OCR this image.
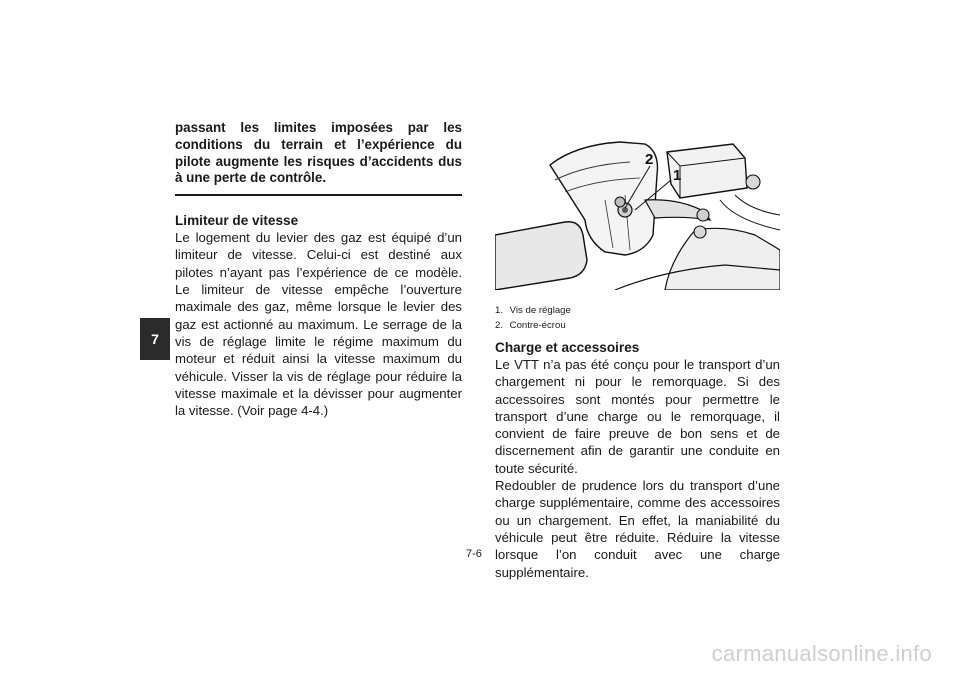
7

passant les limites imposées par les conditions du terrain et l’expérience du pilote augmente les risques d’accidents dus à une perte de contrôle.

Limiteur de vitesse

Le logement du levier des gaz est équipé d’un limiteur de vitesse. Celui-ci est destiné aux pilotes n’ayant pas l’expérience de ce modèle. Le limiteur de vitesse empêche l’ouverture maximale des gaz, même lorsque le levier des gaz est actionné au maximum. Le serrage de la vis de réglage limite le régime maximum du moteur et réduit ainsi la vitesse maximum du véhicule. Visser la vis de réglage pour réduire la vitesse maximale et la dévisser pour augmenter la vitesse. (Voir page 4-4.)

2
1
1. Vis de réglage
2. Contre-écrou
Charge et accessoires

Le VTT n’a pas été conçu pour le transport d’un chargement ni pour le remorquage. Si des accessoires sont montés pour permettre le transport d’une charge ou le remorquage, il convient de faire preuve de bon sens et de discernement afin de garantir une conduite en toute sécurité.

Redoubler de prudence lors du transport d’une charge supplémentaire, comme des accessoires ou un chargement. En effet, la maniabilité du véhicule peut être réduite. Réduire la vitesse lorsque l’on conduit avec une charge supplémentaire.

7-6
carmanualsonline.info
